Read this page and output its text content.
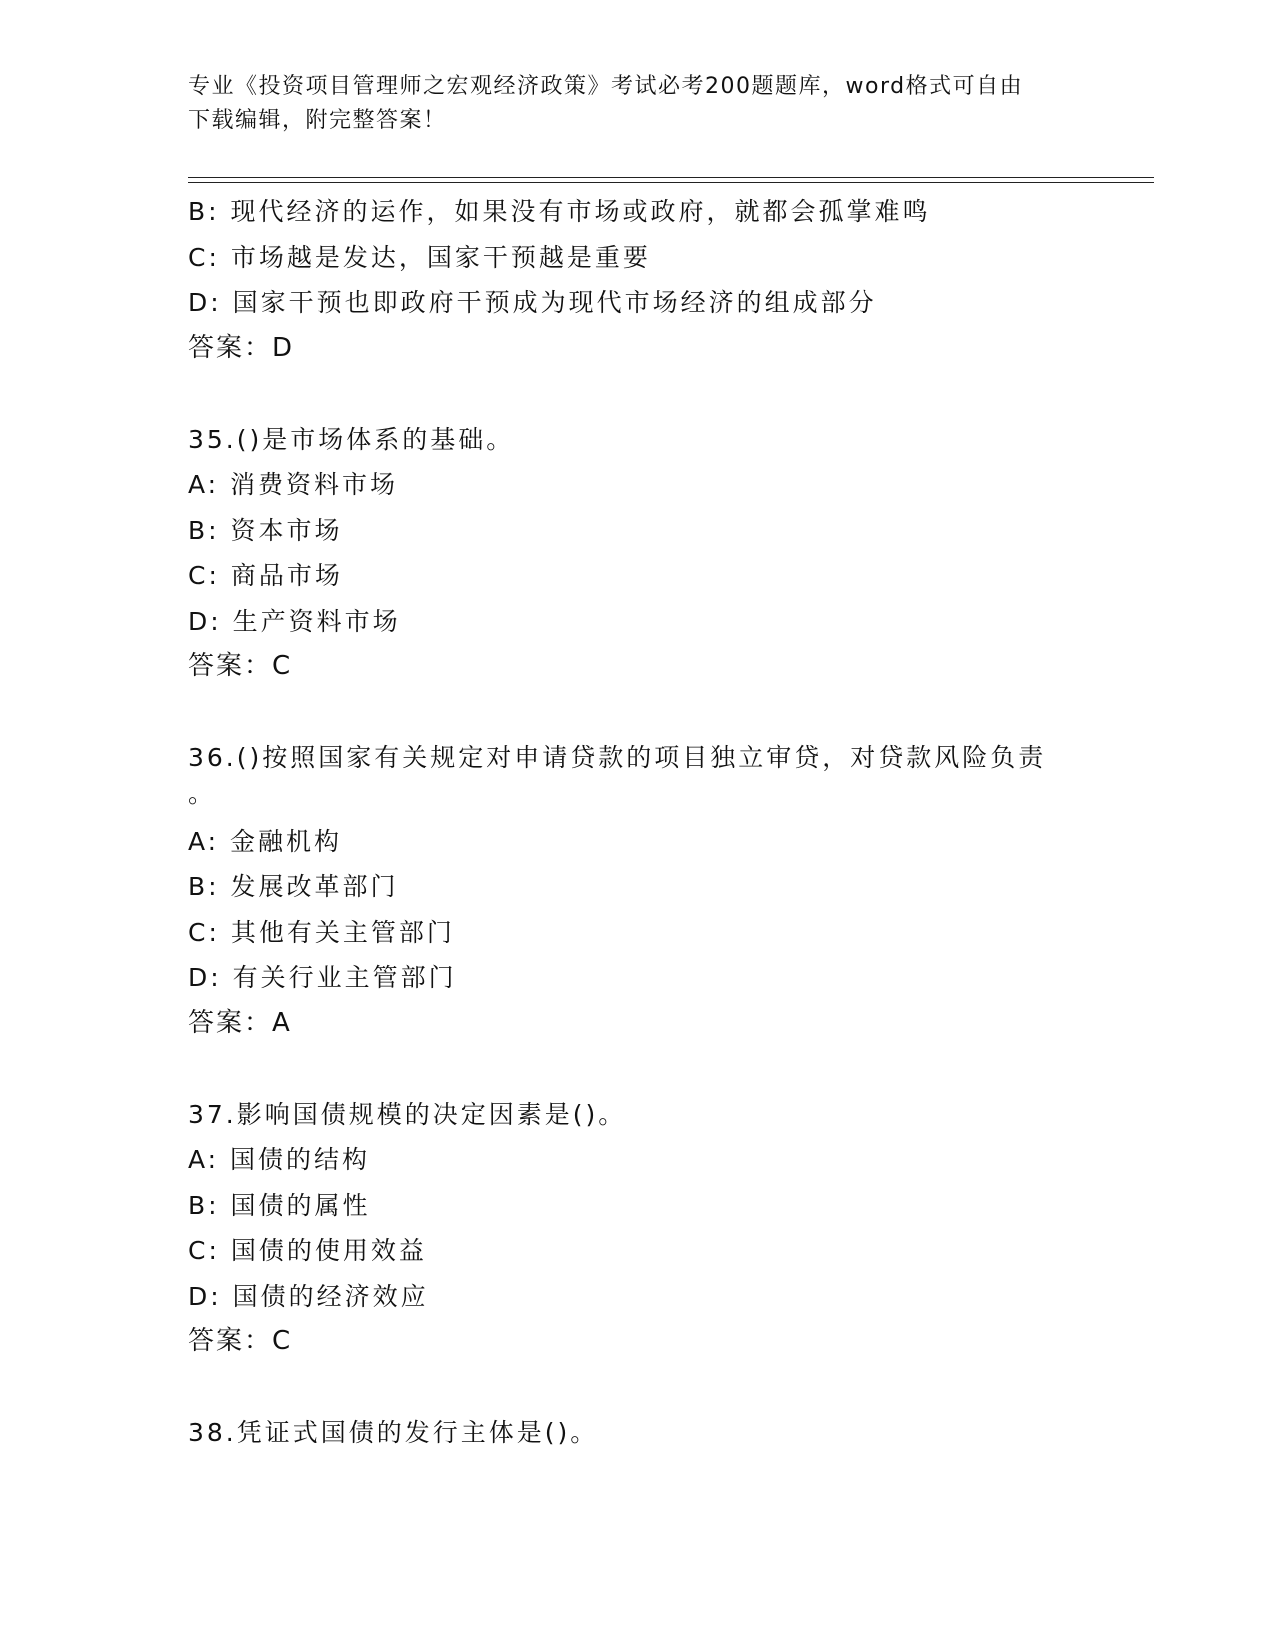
专业《投资项目管理师之宏观经济政策》考试必考200题题库，word格式可自由
下载编辑，附完整答案！
B: 现代经济的运作，如果没有市场或政府，就都会孤掌难鸣
C: 市场越是发达，国家干预越是重要
D: 国家干预也即政府干预成为现代市场经济的组成部分
答案：D
35.()是市场体系的基础。
A: 消费资料市场
B: 资本市场
C: 商品市场
D: 生产资料市场
答案：C
36.()按照国家有关规定对申请贷款的项目独立审贷，对贷款风险负责
。
A: 金融机构
B: 发展改革部门
C: 其他有关主管部门
D: 有关行业主管部门
答案：A
37.影响国债规模的决定因素是()。
A: 国债的结构
B: 国债的属性
C: 国债的使用效益
D: 国债的经济效应
答案：C
38.凭证式国债的发行主体是()。
